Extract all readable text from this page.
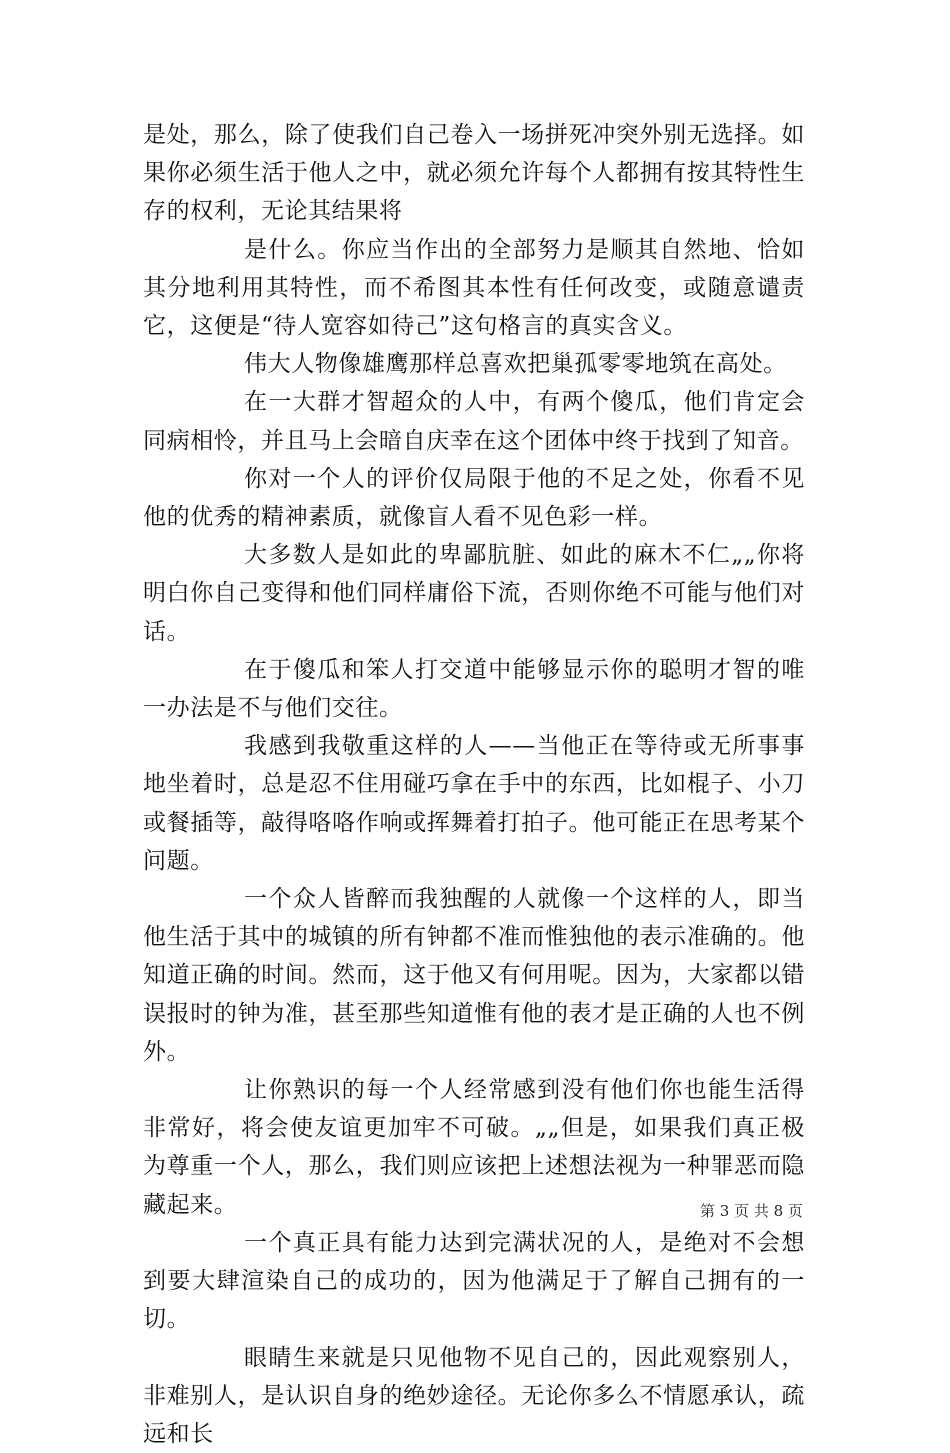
是处，那么，除了使我们自己卷入一场拼死冲突外别无选择。如果你必须生活于他人之中，就必须允许每个人都拥有按其特性生存的权利，无论其结果将

是什么。你应当作出的全部努力是顺其自然地、恰如其分地利用其特性，而不希图其本性有任何改变，或随意谴责它，这便是“待人宽容如待己”这句格言的真实含义。

伟大人物像雄鹰那样总喜欢把巢孤零零地筑在高处。

在一大群才智超众的人中，有两个傻瓜，他们肯定会同病相怜，并且马上会暗自庆幸在这个团体中终于找到了知音。

你对一个人的评价仅局限于他的不足之处，你看不见他的优秀的精神素质，就像盲人看不见色彩一样。

大多数人是如此的卑鄙肮脏、如此的麻木不仁„„你将明白你自己变得和他们同样庸俗下流，否则你绝不可能与他们对话。

在于傻瓜和笨人打交道中能够显示你的聪明才智的唯一办法是不与他们交往。

我感到我敬重这样的人——当他正在等待或无所事事地坐着时，总是忍不住用碰巧拿在手中的东西，比如棍子、小刀或餐插等，敲得咯咯作响或挥舞着打拍子。他可能正在思考某个问题。

一个众人皆醉而我独醒的人就像一个这样的人，即当他生活于其中的城镇的所有钟都不准而惟独他的表示准确的。他知道正确的时间。然而，这于他又有何用呢。因为，大家都以错误报时的钟为准，甚至那些知道惟有他的表才是正确的人也不例外。

让你熟识的每一个人经常感到没有他们你也能生活得非常好，将会使友谊更加牢不可破。„„但是，如果我们真正极为尊重一个人，那么，我们则应该把上述想法视为一种罪恶而隐藏起来。

一个真正具有能力达到完满状况的人，是绝对不会想到要大肆渲染自己的成功的，因为他满足于了解自己拥有的一切。

眼睛生来就是只见他物不见自己的，因此观察别人，非难别人，是认识自身的绝妙途径。无论你多么不情愿承认，疏远和长

第 3 页 共 8 页
